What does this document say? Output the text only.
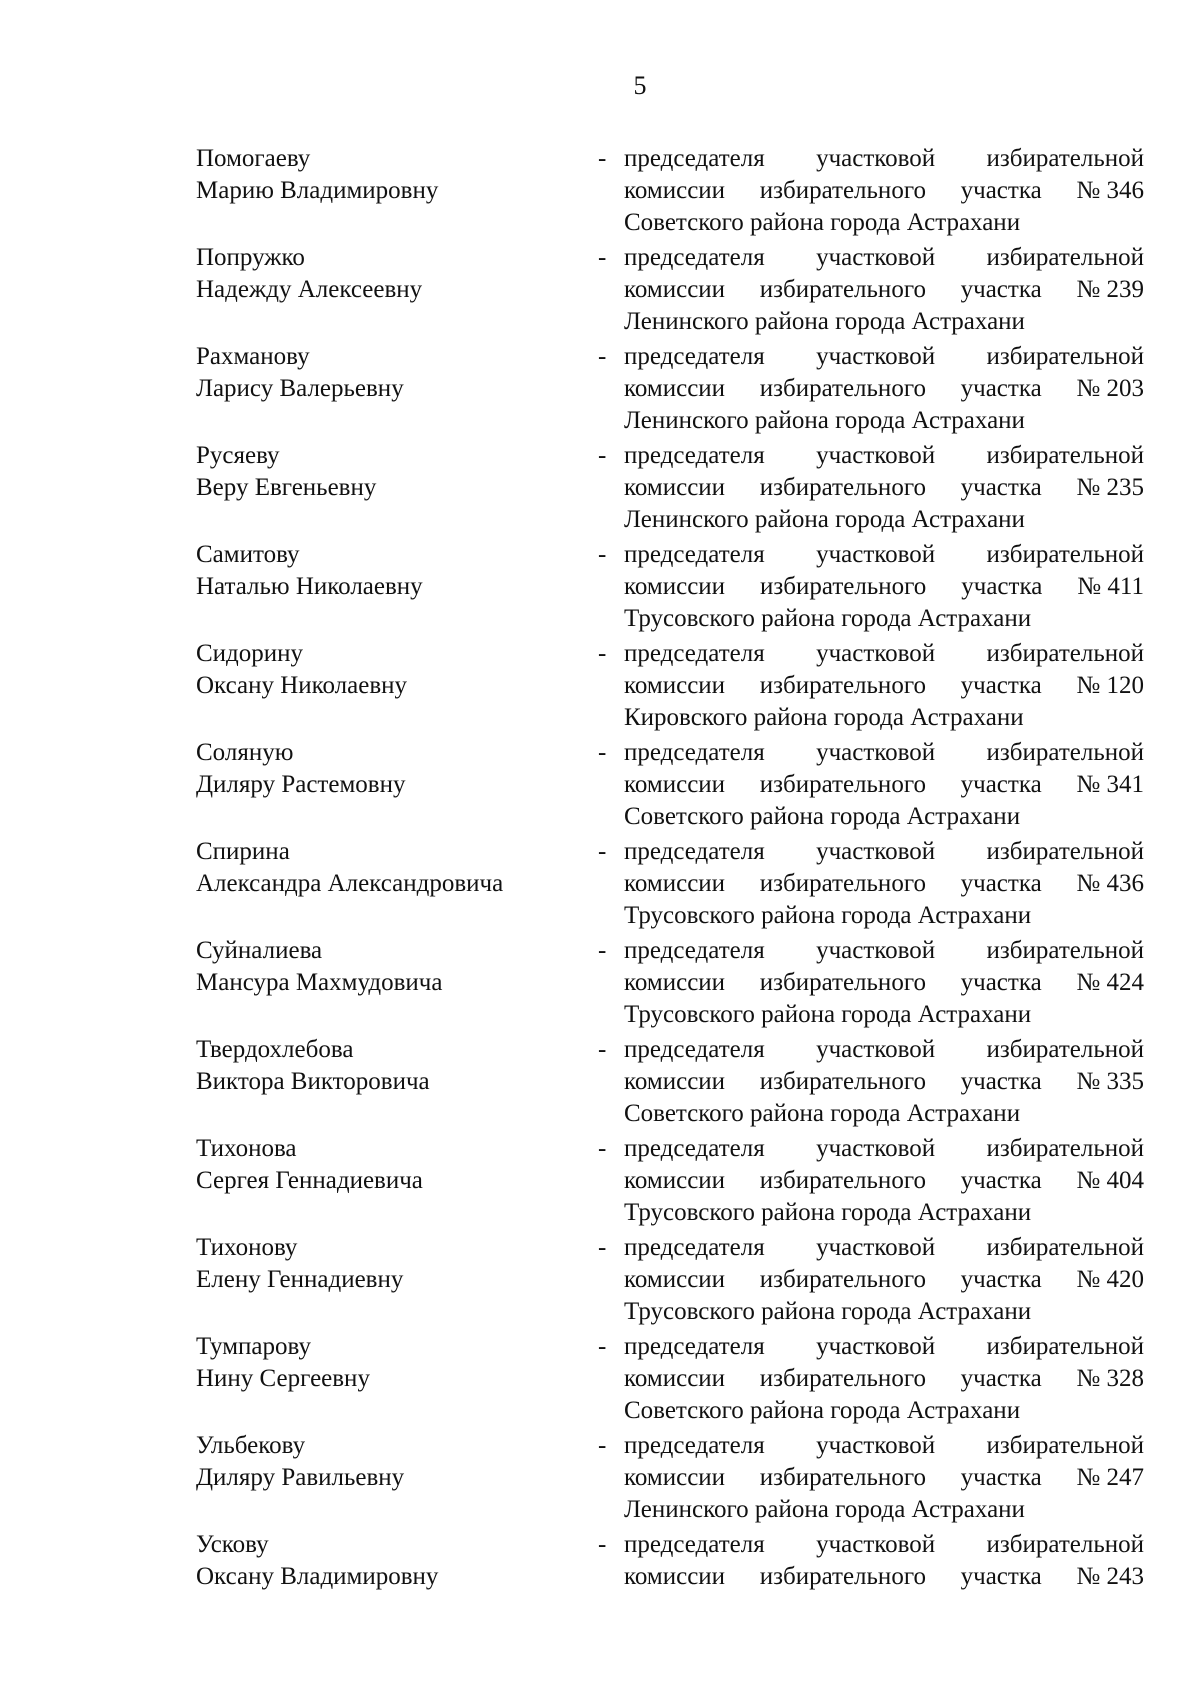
5
Помогаеву
Марию Владимировну
- председателя участковой избирательной
комиссии избирательного участка № 346
Советского района города Астрахани
Попружко
Надежду Алексеевну
- председателя участковой избирательной
комиссии избирательного участка № 239
Ленинского района города Астрахани
Рахманову
Ларису Валерьевну
- председателя участковой избирательной
комиссии избирательного участка № 203
Ленинского района города Астрахани
Русяеву
Веру Евгеньевну
- председателя участковой избирательной
комиссии избирательного участка № 235
Ленинского района города Астрахани
Самитову
Наталью Николаевну
- председателя участковой избирательной
комиссии избирательного участка № 411
Трусовского района города Астрахани
Сидорину
Оксану Николаевну
- председателя участковой избирательной
комиссии избирательного участка № 120
Кировского района города Астрахани
Соляную
Диляру Растемовну
- председателя участковой избирательной
комиссии избирательного участка № 341
Советского района города Астрахани
Спирина
Александра Александровича
- председателя участковой избирательной
комиссии избирательного участка № 436
Трусовского района города Астрахани
Суйналиева
Мансура Махмудовича
- председателя участковой избирательной
комиссии избирательного участка № 424
Трусовского района города Астрахани
Твердохлебова
Виктора Викторовича
- председателя участковой избирательной
комиссии избирательного участка № 335
Советского района города Астрахани
Тихонова
Сергея Геннадиевича
- председателя участковой избирательной
комиссии избирательного участка № 404
Трусовского района города Астрахани
Тихонову
Елену Геннадиевну
- председателя участковой избирательной
комиссии избирательного участка № 420
Трусовского района города Астрахани
Тумпарову
Нину Сергеевну
- председателя участковой избирательной
комиссии избирательного участка № 328
Советского района города Астрахани
Ульбекову
Диляру Равильевну
- председателя участковой избирательной
комиссии избирательного участка № 247
Ленинского района города Астрахани
Ускову
Оксану Владимировну
- председателя участковой избирательной
комиссии избирательного участка № 243
